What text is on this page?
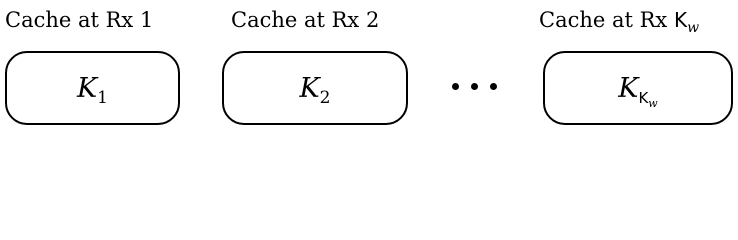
Cache at Rx 1
$K_1$
Cache at Rx 2
$K_2$
Cache at Rx $K_w$
$K_{K_w}$
